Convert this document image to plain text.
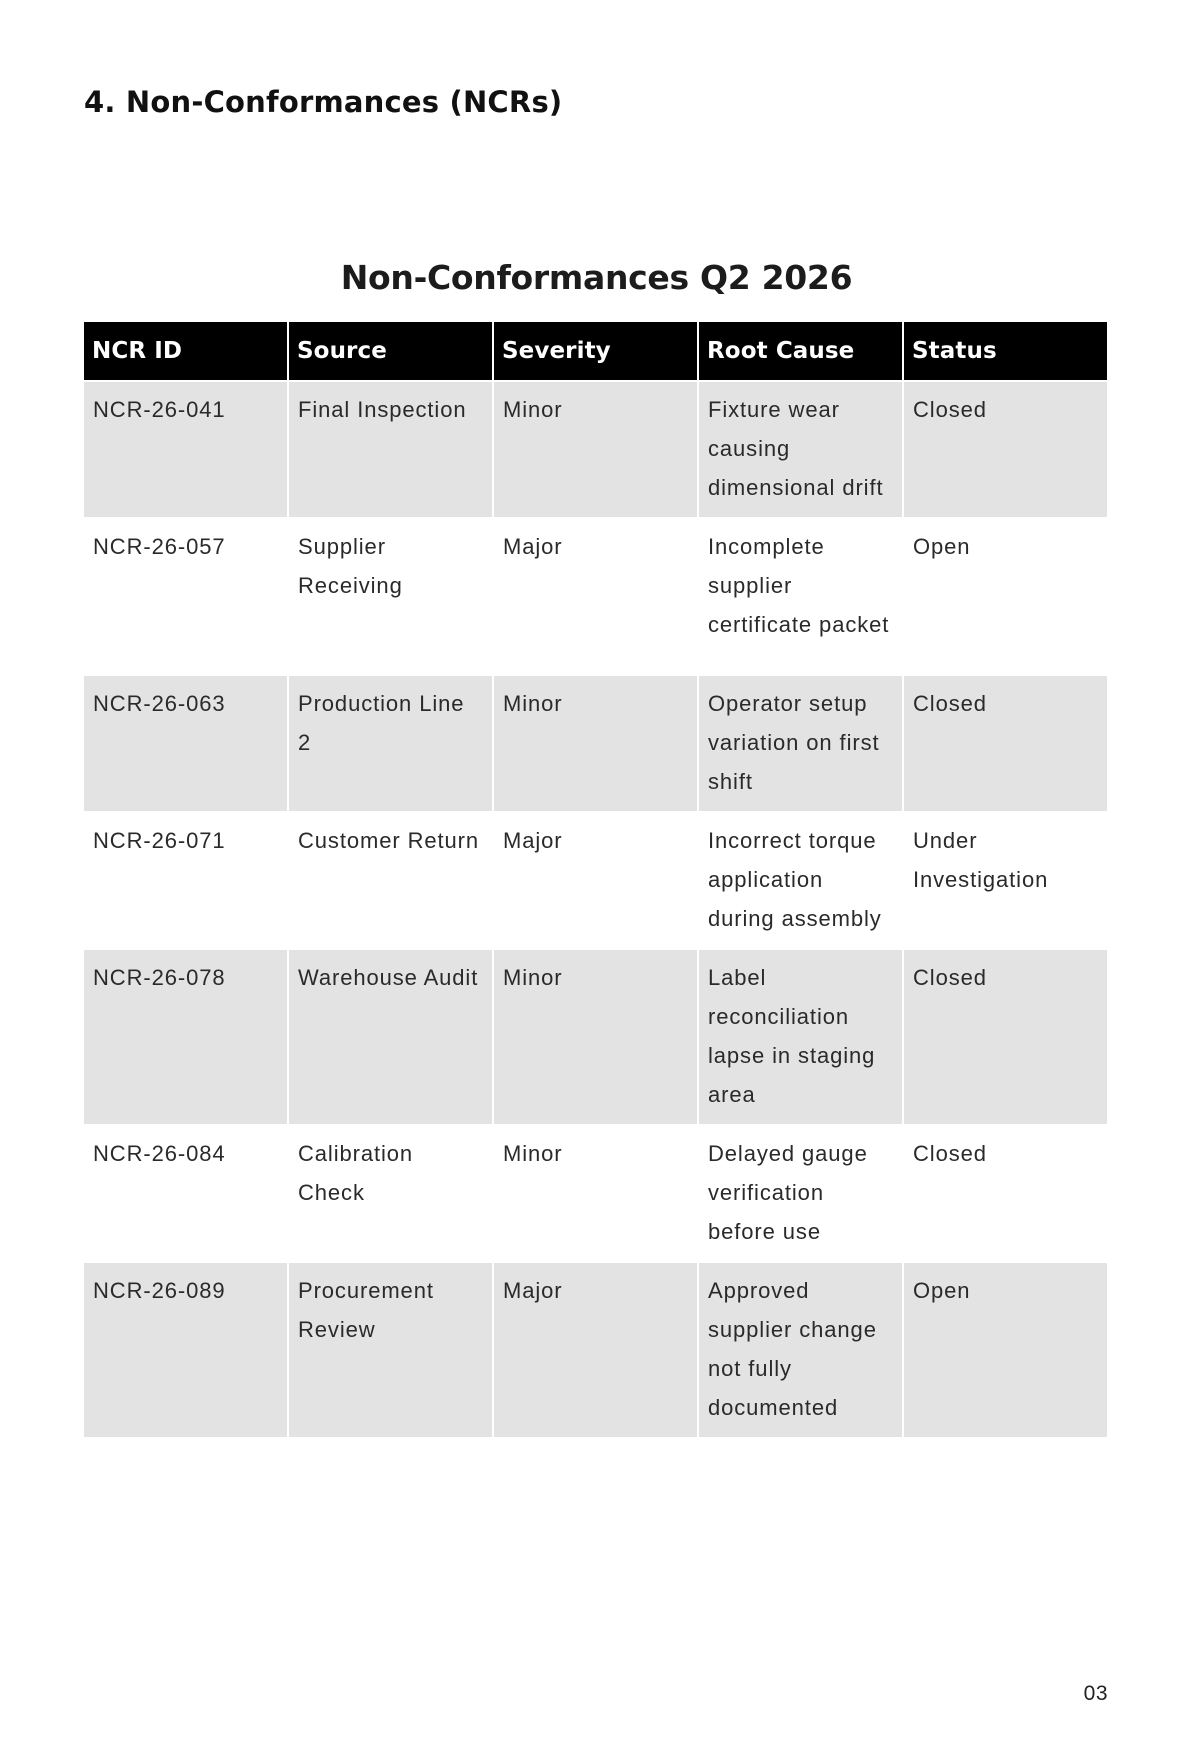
4. Non-Conformances (NCRs)
Non-Conformances Q2 2026
NCR ID	Source	Severity	Root Cause	Status
NCR-26-041	Final Inspection	Minor	Fixture wear causing dimensional drift	Closed
NCR-26-057	Supplier Receiving	Major	Incomplete supplier certificate packet	Open
NCR-26-063	Production Line 2	Minor	Operator setup variation on first shift	Closed
NCR-26-071	Customer Return	Major	Incorrect torque application during assembly	Under Investigation
NCR-26-078	Warehouse Audit	Minor	Label reconciliation lapse in staging area	Closed
NCR-26-084	Calibration Check	Minor	Delayed gauge verification before use	Closed
NCR-26-089	Procurement Review	Major	Approved supplier change not fully documented	Open
03
